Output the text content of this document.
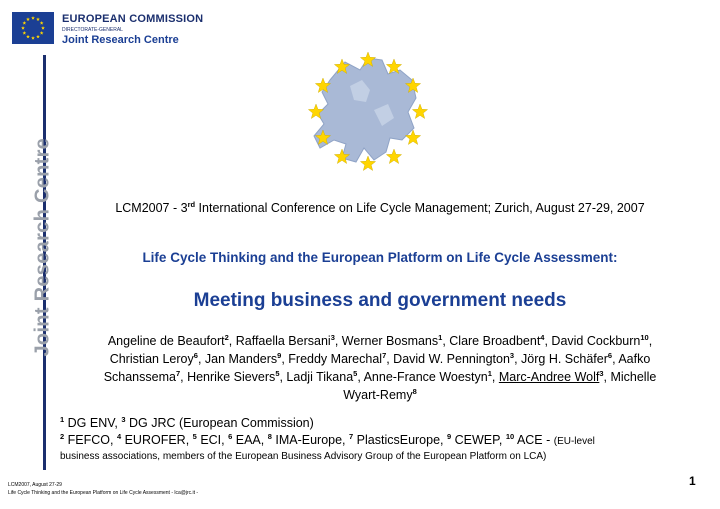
EUROPEAN COMMISSION
DIRECTORATE-GENERAL
Joint Research Centre
Joint Research Centre	LCM2007 - 3rd International Conference on Life Cycle Management; Zurich, August 27-29, 2007
Life Cycle Thinking and the European Platform on Life Cycle Assessment:
Meeting business and government needs
Angeline de Beaufort$^2$, Raffaella Bersani$^3$, Werner Bosmans$^1$, Clare Broadbent$^4$, David Cockburn$^{10}$,
Christian Leroy$^6$, Jan Manders$^9$, Freddy Marechal$^7$, David W. Pennington$^3$, Jörg H. Schäfer$^6$, Aafko
Schanssema$^7$, Henrike Sievers$^5$, Ladji Tikana$^5$, Anne-France Woestyn$^1$, Marc-Andree Wolf$^3$, Michelle
Wyart-Remy$^8$
$^1$ DG ENV, $^3$ DG JRC (European Commission)
$^2$ FEFCO, $^4$ EUROFER, $^5$ ECI, $^6$ EAA, $^8$ IMA-Europe, $^7$ PlasticsEurope, $^9$ CEWEP, $^{10}$ ACE - (EU-level
business associations, members of the European Business Advisory Group of the European Platform on LCA)
1
LCM2007, August 27-29
Life Cycle Thinking and the European Platform on Life Cycle Assessment - lca@jrc.it -
